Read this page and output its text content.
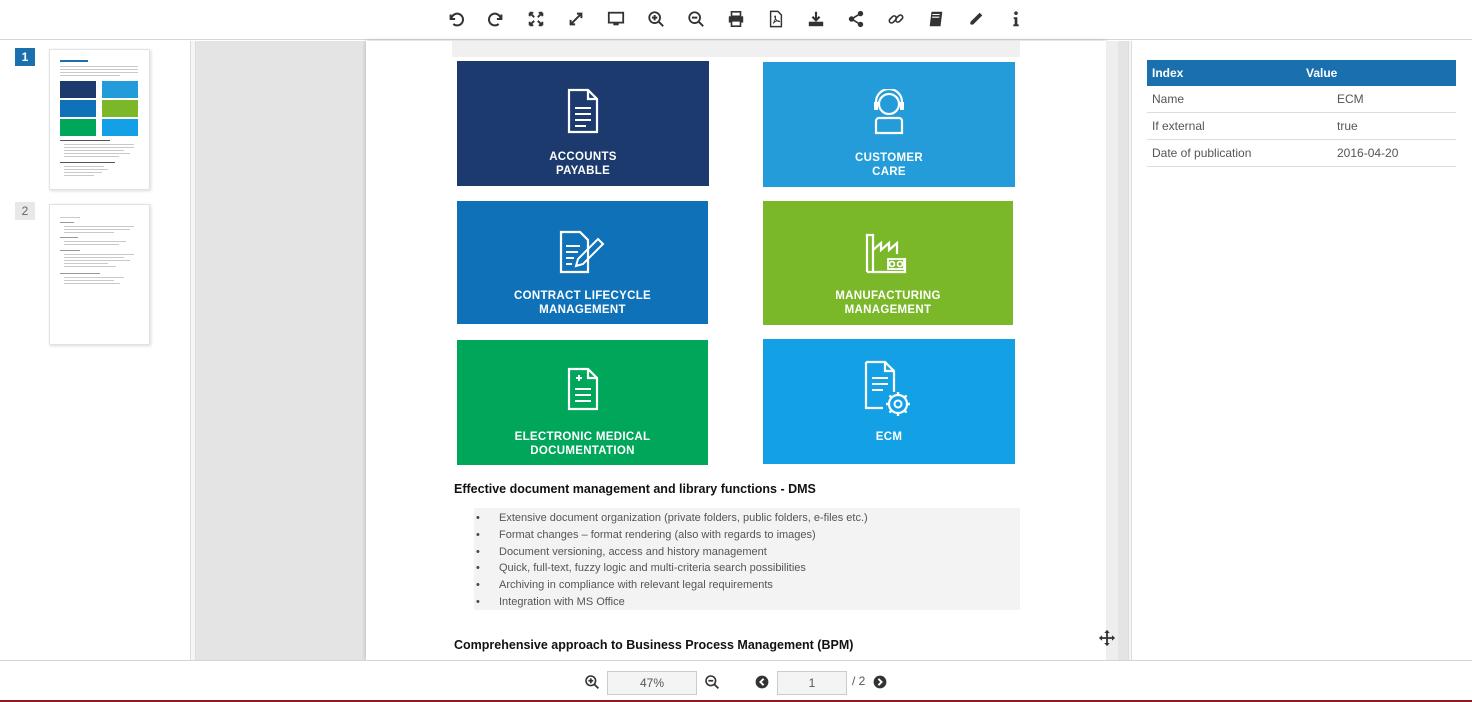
1
2
ACCOUNTS
PAYABLE
CUSTOMER
CARE
CONTRACT LIFECYCLE
MANAGEMENT
MANUFACTURING
MANAGEMENT
ELECTRONIC MEDICAL
DOCUMENTATION
ECM
Effective document management and library functions - DMS
• Extensive document organization (private folders, public folders, e-files etc.)
• Format changes – format rendering (also with regards to images)
• Document versioning, access and history management
• Quick, full-text, fuzzy logic and multi-criteria search possibilities
• Archiving in compliance with relevant legal requirements
• Integration with MS Office
Comprehensive approach to Business Process Management (BPM)
Index	Value
Name	ECM
If external	true
Date of publication	2016-04-20
47%
1
/ 2
